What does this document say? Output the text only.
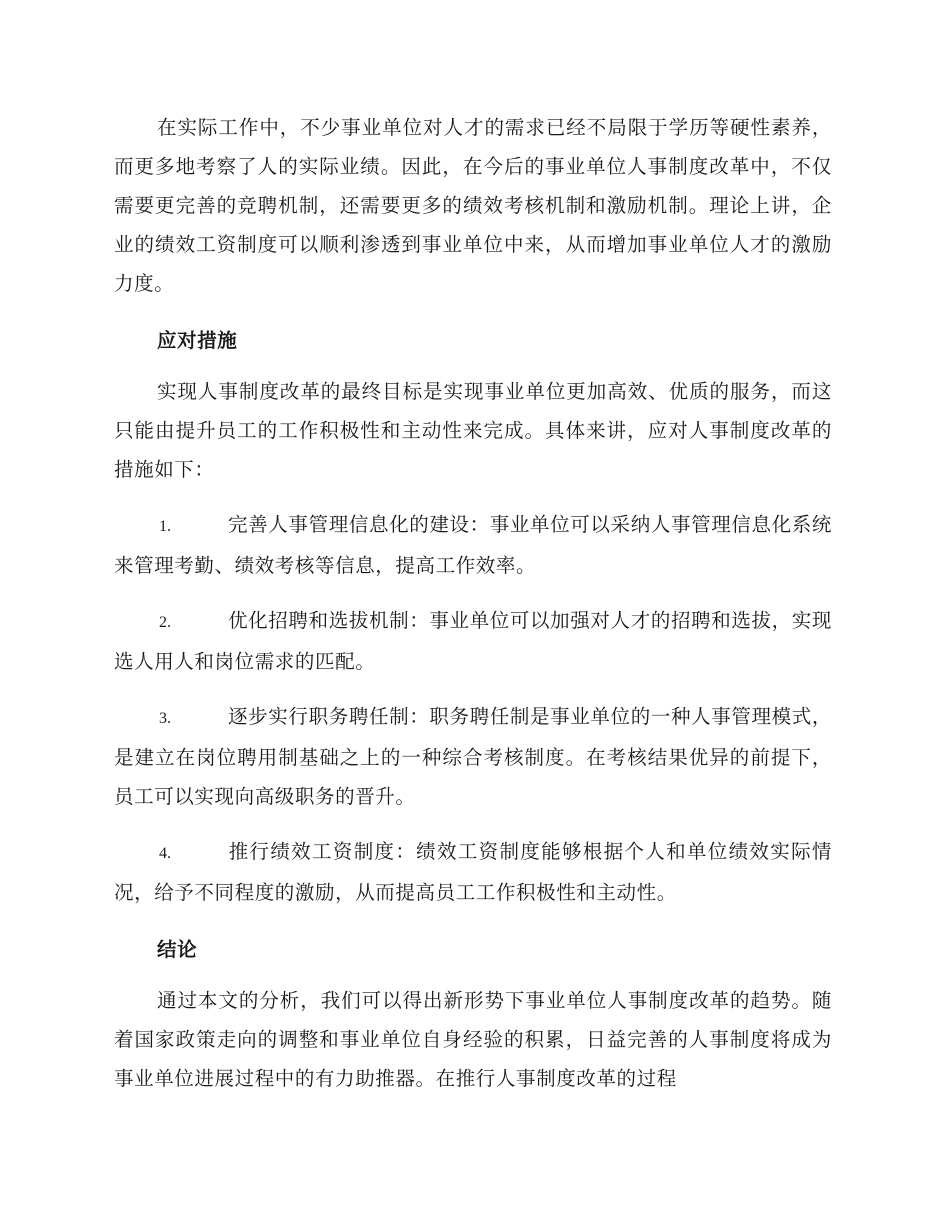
在实际工作中，不少事业单位对人才的需求已经不局限于学历等硬性素养，而更多地考察了人的实际业绩。因此，在今后的事业单位人事制度改革中，不仅需要更完善的竞聘机制，还需要更多的绩效考核机制和激励机制。理论上讲，企业的绩效工资制度可以顺利渗透到事业单位中来，从而增加事业单位人才的激励力度。

应对措施

实现人事制度改革的最终目标是实现事业单位更加高效、优质的服务，而这只能由提升员工的工作积极性和主动性来完成。具体来讲，应对人事制度改革的措施如下：

1.	完善人事管理信息化的建设：事业单位可以采纳人事管理信息化系统来管理考勤、绩效考核等信息，提高工作效率。

2.	优化招聘和选拔机制：事业单位可以加强对人才的招聘和选拔，实现选人用人和岗位需求的匹配。

3.	逐步实行职务聘任制：职务聘任制是事业单位的一种人事管理模式，是建立在岗位聘用制基础之上的一种综合考核制度。在考核结果优异的前提下，员工可以实现向高级职务的晋升。

4.	推行绩效工资制度：绩效工资制度能够根据个人和单位绩效实际情况，给予不同程度的激励，从而提高员工工作积极性和主动性。

结论

通过本文的分析，我们可以得出新形势下事业单位人事制度改革的趋势。随着国家政策走向的调整和事业单位自身经验的积累，日益完善的人事制度将成为事业单位进展过程中的有力助推器。在推行人事制度改革的过程
